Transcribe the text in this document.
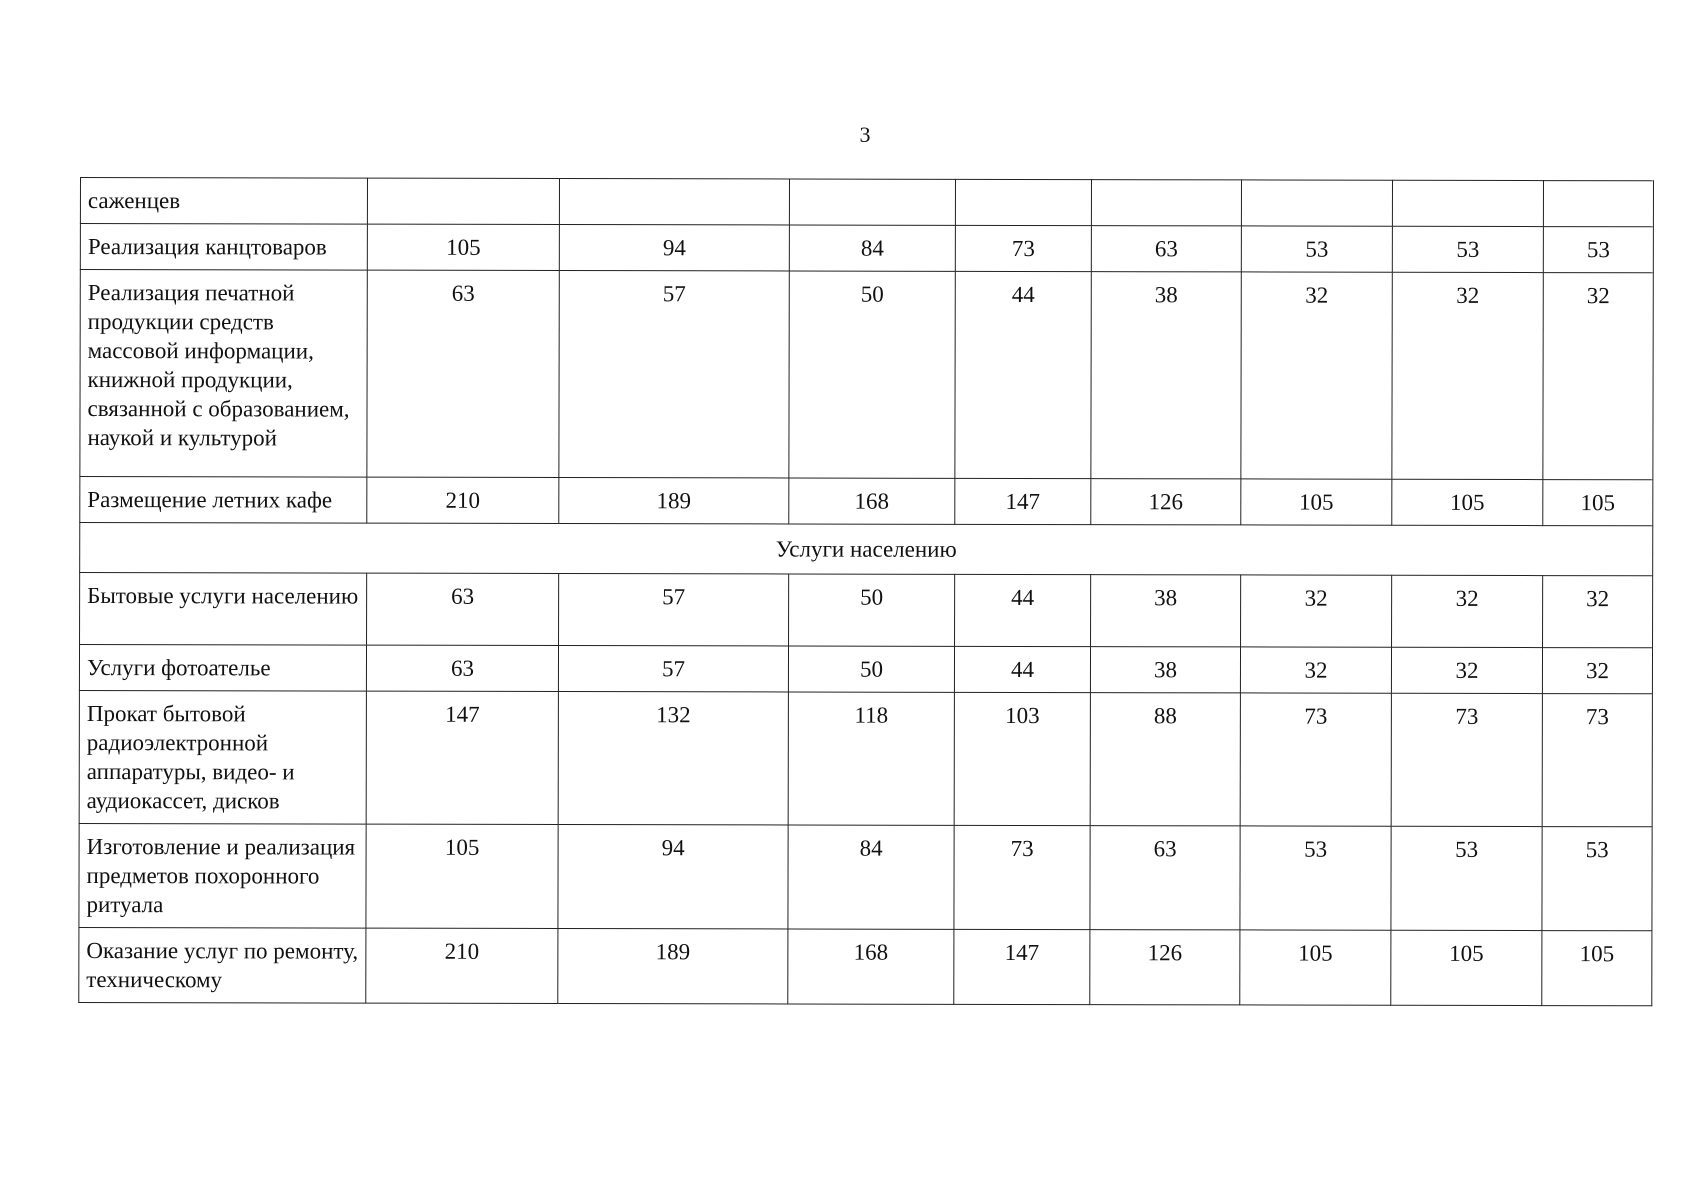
3
саженцев								
Реализация канцтоваров	105	94	84	73	63	53	53	53
Реализация печатной продукции средств массовой информации, книжной продукции, связанной с образованием, наукой и культурой	63	57	50	44	38	32	32	32
Размещение летних кафе	210	189	168	147	126	105	105	105
Услуги населению								
Бытовые услуги населению	63	57	50	44	38	32	32	32
Услуги фотоателье	63	57	50	44	38	32	32	32
Прокат бытовой радиоэлектронной аппаратуры, видео- и аудиокассет, дисков	147	132	118	103	88	73	73	73
Изготовление и реализация предметов похоронного ритуала	105	94	84	73	63	53	53	53
Оказание услуг по ремонту, техническому	210	189	168	147	126	105	105	105
